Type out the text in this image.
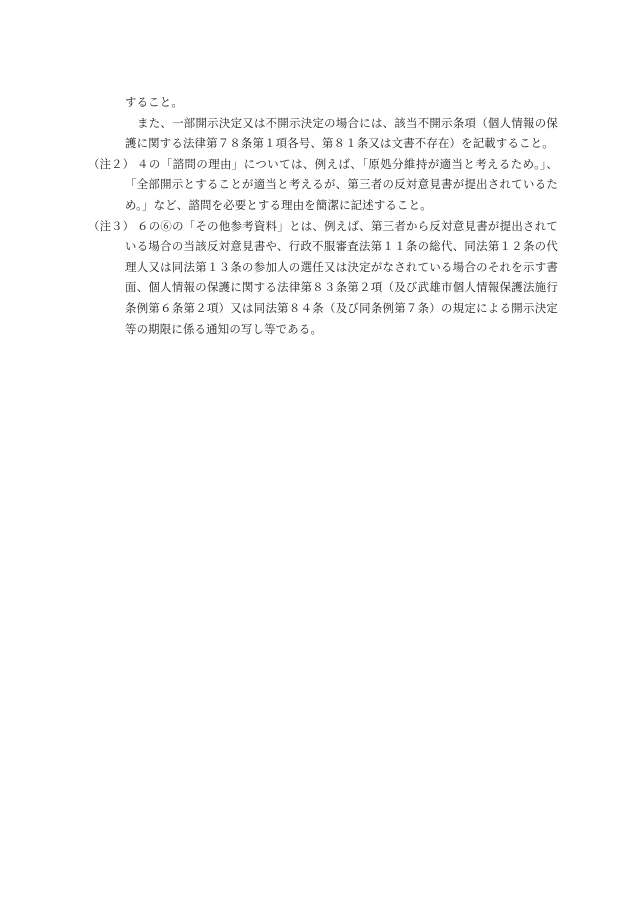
すること。

また、一部開示決定又は不開示決定の場合には、該当不開示条項（個人情報の保護に関する法律第７８条第１項各号、第８１条又は文書不存在）を記載すること。

（注２） ４の「諮問の理由」については、例えば、「原処分維持が適当と考えるため。」、「全部開示とすることが適当と考えるが、第三者の反対意見書が提出されているため。」など、諮問を必要とする理由を簡潔に記述すること。
（注３） ６の⑥の「その他参考資料」とは、例えば、第三者から反対意見書が提出されている場合の当該反対意見書や、行政不服審査法第１１条の総代、同法第１２条の代理人又は同法第１３条の参加人の選任又は決定がなされている場合のそれを示す書面、個人情報の保護に関する法律第８３条第２項（及び武雄市個人情報保護法施行条例第６条第２項）又は同法第８４条（及び同条例第７条）の規定による開示決定等の期限に係る通知の写し等である。
